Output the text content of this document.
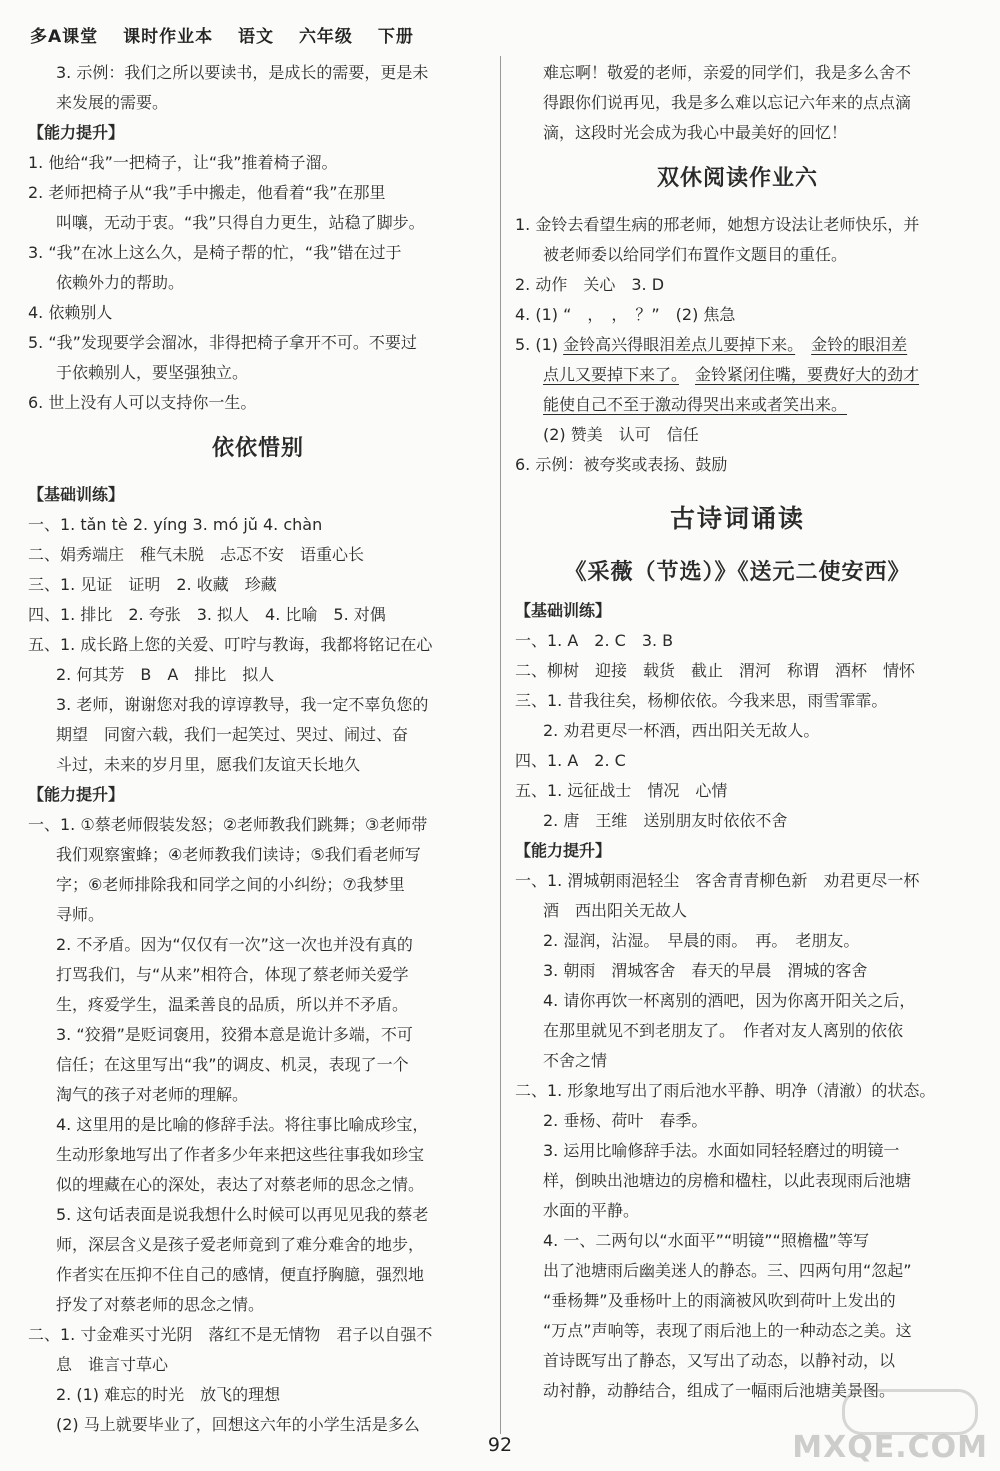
多A课堂 课时作业本 语文 六年级 下册
3. 示例：我们之所以要读书，是成长的需要，更是未
来发展的需要。
【能力提升】
1. 他给“我”一把椅子，让“我”推着椅子溜。
2. 老师把椅子从“我”手中搬走，他看着“我”在那里
叫嚷，无动于衷。“我”只得自力更生，站稳了脚步。
3. “我”在冰上这么久，是椅子帮的忙，“我”错在过于
依赖外力的帮助。
4. 依赖别人
5. “我”发现要学会溜冰，非得把椅子拿开不可。不要过
于依赖别人，要坚强独立。
6. 世上没有人可以支持你一生。
依依惜别
【基础训练】
一、1. tǎn tè 2. yíng 3. mó jǔ 4. chàn
二、娟秀端庄　稚气未脱　忐忑不安　语重心长
三、1. 见证　证明　2. 收藏　珍藏
四、1. 排比　2. 夸张　3. 拟人　4. 比喻　5. 对偶
五、1. 成长路上您的关爱、叮咛与教诲，我都将铭记在心
2. 何其芳　B　A　排比　拟人
3. 老师，谢谢您对我的谆谆教导，我一定不辜负您的
期望　同窗六载，我们一起笑过、哭过、闹过、奋
斗过，未来的岁月里，愿我们友谊天长地久
【能力提升】
一、1. ①蔡老师假装发怒；②老师教我们跳舞；③老师带
我们观察蜜蜂；④老师教我们读诗；⑤我们看老师写
字；⑥老师排除我和同学之间的小纠纷；⑦我梦里
寻师。
2. 不矛盾。因为“仅仅有一次”这一次也并没有真的
打骂我们，与“从来”相符合，体现了蔡老师关爱学
生，疼爱学生，温柔善良的品质，所以并不矛盾。
3. “狡猾”是贬词褒用，狡猾本意是诡计多端，不可
信任；在这里写出“我”的调皮、机灵，表现了一个
淘气的孩子对老师的理解。
4. 这里用的是比喻的修辞手法。将往事比喻成珍宝，
生动形象地写出了作者多少年来把这些往事我如珍宝
似的埋藏在心的深处，表达了对蔡老师的思念之情。
5. 这句话表面是说我想什么时候可以再见见我的蔡老
师，深层含义是孩子爱老师竟到了难分难舍的地步，
作者实在压抑不住自己的感情，便直抒胸臆，强烈地
抒发了对蔡老师的思念之情。
二、1. 寸金难买寸光阴　落红不是无情物　君子以自强不
息　谁言寸草心
2. (1) 难忘的时光　放飞的理想
(2) 马上就要毕业了，回想这六年的小学生活是多么
难忘啊！敬爱的老师，亲爱的同学们，我是多么舍不
得跟你们说再见，我是多么难以忘记六年来的点点滴
滴，这段时光会成为我心中最美好的回忆！
双休阅读作业六
1. 金铃去看望生病的邢老师，她想方设法让老师快乐，并
被老师委以给同学们布置作文题目的重任。
2. 动作　关心　3. D
4. (1) “　，　，　？”　(2) 焦急
5. (1) 金铃高兴得眼泪差点儿要掉下来。　 金铃的眼泪差
点儿又要掉下来了。　 金铃紧闭住嘴，要费好大的劲才
能使自己不至于激动得哭出来或者笑出来。
(2) 赞美　认可　信任
6. 示例：被夸奖或表扬、鼓励
古诗词诵读
《采薇（节选）》《送元二使安西》
【基础训练】
一、1. A　2. C　3. B
二、柳树　迎接　载货　截止　渭河　称谓　酒杯　情怀
三、1. 昔我往矣，杨柳依依。今我来思，雨雪霏霏。
2. 劝君更尽一杯酒，西出阳关无故人。
四、1. A　2. C
五、1. 远征战士　情况　心情
2. 唐　王维　送别朋友时依依不舍
【能力提升】
一、1. 渭城朝雨浥轻尘　客舍青青柳色新　劝君更尽一杯
酒　西出阳关无故人
2. 湿润，沾湿。　早晨的雨。　再。　老朋友。
3. 朝雨　渭城客舍　春天的早晨　渭城的客舍
4. 请你再饮一杯离别的酒吧，因为你离开阳关之后，
在那里就见不到老朋友了。　作者对友人离别的依依
不舍之情
二、1. 形象地写出了雨后池水平静、明净（清澈）的状态。
2. 垂杨、荷叶　春季。
3. 运用比喻修辞手法。水面如同轻轻磨过的明镜一
样，倒映出池塘边的房檐和楹柱，以此表现雨后池塘
水面的平静。
4. 一、二两句以“水面平”“明镜”“照檐楹”等写
出了池塘雨后幽美迷人的静态。三、四两句用“忽起”
“垂杨舞”及垂杨叶上的雨滴被风吹到荷叶上发出的
“万点”声响等，表现了雨后池上的一种动态之美。这
首诗既写出了静态，又写出了动态，以静衬动，以
动衬静，动静结合，组成了一幅雨后池塘美景图。
92	MXQE.COM
